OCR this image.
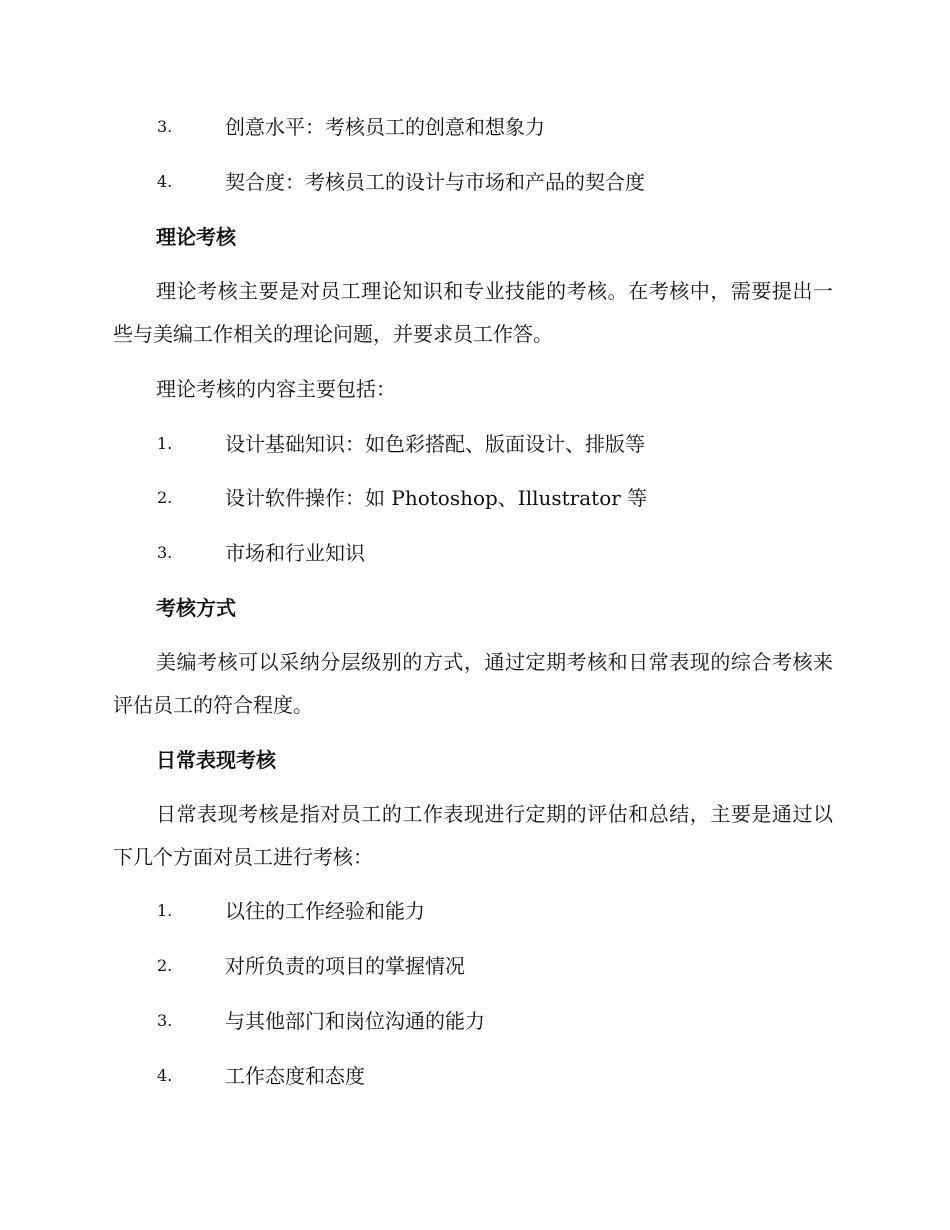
3.	创意水平：考核员工的创意和想象力
4.	契合度：考核员工的设计与市场和产品的契合度
理论考核
理论考核主要是对员工理论知识和专业技能的考核。在考核中，需要提出一些与美编工作相关的理论问题，并要求员工作答。
理论考核的内容主要包括：
1.	设计基础知识：如色彩搭配、版面设计、排版等
2.	设计软件操作：如 Photoshop、Illustrator 等
3.	市场和行业知识
考核方式
美编考核可以采纳分层级别的方式，通过定期考核和日常表现的综合考核来评估员工的符合程度。
日常表现考核
日常表现考核是指对员工的工作表现进行定期的评估和总结，主要是通过以下几个方面对员工进行考核：
1.	以往的工作经验和能力
2.	对所负责的项目的掌握情况
3.	与其他部门和岗位沟通的能力
4.	工作态度和态度
